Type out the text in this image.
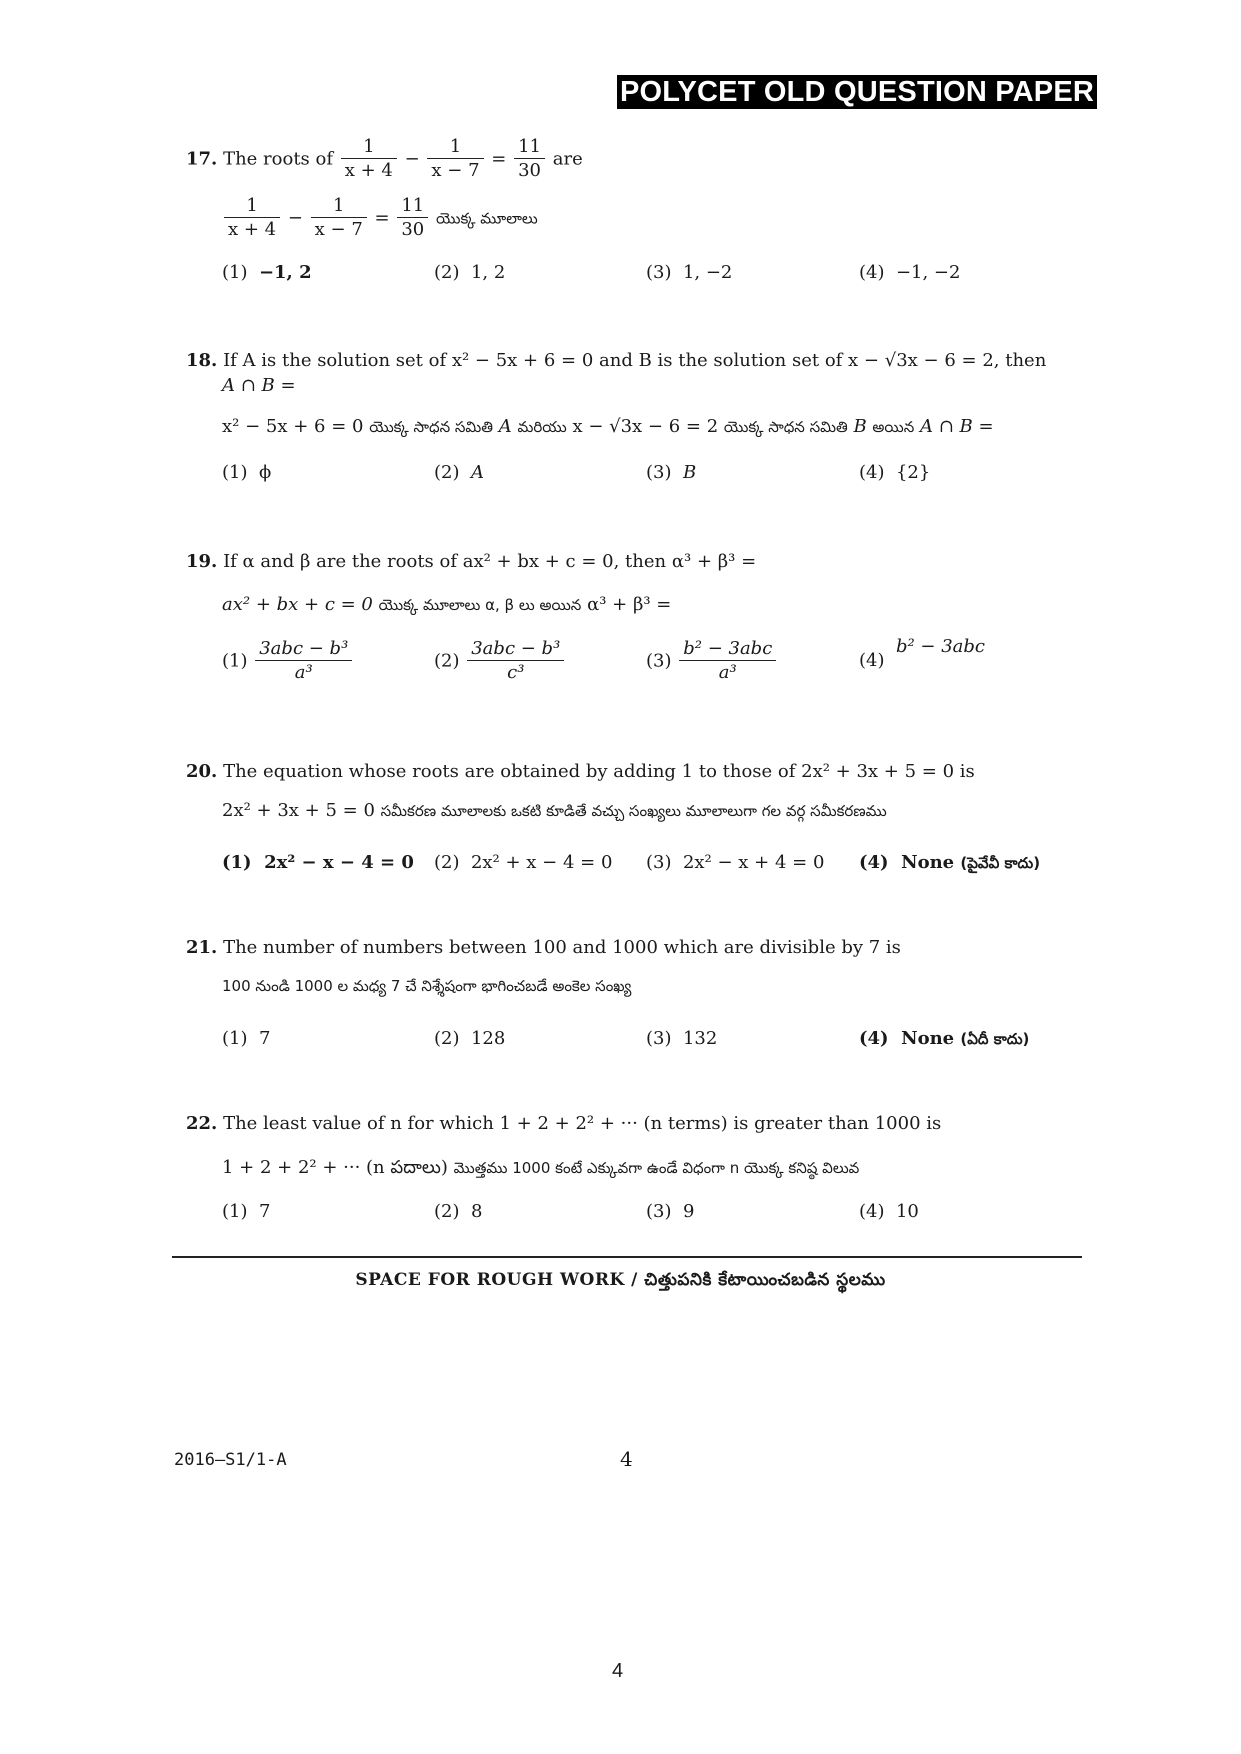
POLYCET OLD QUESTION PAPER
17. The roots of $\frac{1}{x + 4} - \frac{1}{x - 7} = \frac{11}{30}$ are
$\frac{1}{x + 4} - \frac{1}{x - 7} = \frac{11}{30}$ యొక్క మూలాలు
(1) −1, 2	(2) 1, 2	(3) 1, −2	(4) −1, −2
18. If A is the solution set of x² − 5x + 6 = 0 and B is the solution set of x − √3x − 6 = 2, then
A ∩ B =
x² − 5x + 6 = 0 యొక్క సాధన సమితి A మరియు x − √3x − 6 = 2 యొక్క సాధన సమితి B అయిన A ∩ B =
(1) ϕ	(2) A	(3) B	(4) {2}
19. If α and β are the roots of ax² + bx + c = 0, then α³ + β³ =
ax² + bx + c = 0 యొక్క మూలాలు α, β లు అయిన α³ + β³ =
$(1) \frac{\text{3abc − b³}}{\text{a³}}$	$(2) \frac{\text{3abc − b³}}{\text{c³}}$	$(3) \frac{\text{b² − 3abc}}{\text{a³}}$	(4)  b² − 3abc
20. The equation whose roots are obtained by adding 1 to those of 2x² + 3x + 5 = 0 is
2x² + 3x + 5 = 0 సమీకరణ మూలాలకు ఒకటి కూడితే వచ్చు సంఖ్యలు మూలాలుగా గల వర్గ సమీకరణము
(1) 2x² − x − 4 = 0 (2) 2x² + x − 4 = 0 (3) 2x² − x + 4 = 0 (4) None (పైవేవీ కాదు)
21. The number of numbers between 100 and 1000 which are divisible by 7 is
100 నుండి 1000 ల మధ్య 7 చే నిశ్శేషంగా భాగించబడే అంకెల సంఖ్య
(1) 7	(2) 128	(3) 132	(4) None (ఏదీ కాదు)
22. The least value of n for which 1 + 2 + 2² + ··· (n terms) is greater than 1000 is
1 + 2 + 2² + ··· (n పదాలు) మొత్తము 1000 కంటే ఎక్కువగా ఉండే విధంగా n యొక్క కనిష్ఠ విలువ
(1) 7	(2) 8	(3) 9	(4) 10
SPACE FOR ROUGH WORK / చిత్తుపనికి కేటాయించబడిన స్థలము
2016–S1/1-A	4
4
